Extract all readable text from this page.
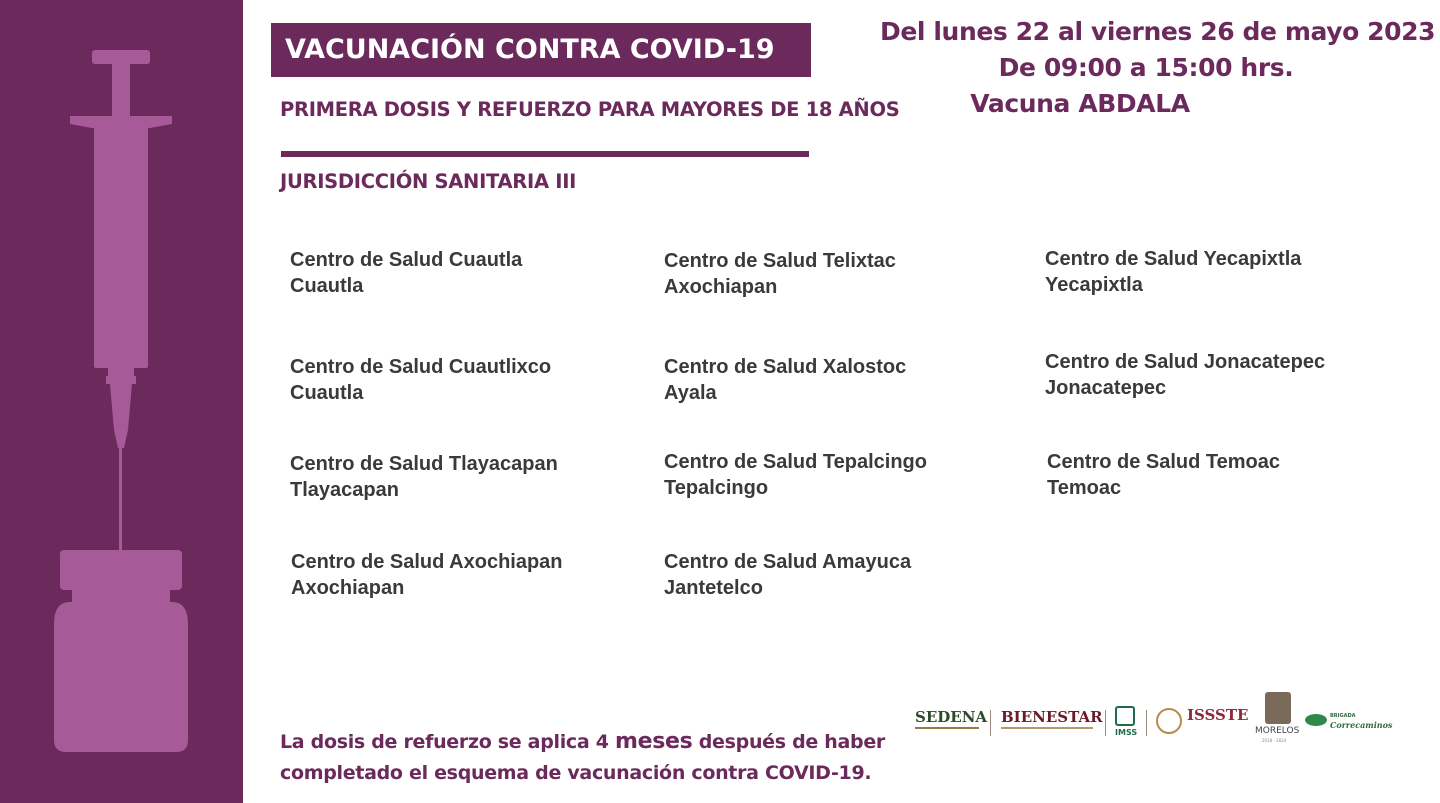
VACUNACIÓN CONTRA COVID-19
PRIMERA DOSIS Y REFUERZO PARA MAYORES DE 18 AÑOS
JURISDICCIÓN SANITARIA III
Del lunes 22 al viernes 26 de mayo 2023
De 09:00 a 15:00 hrs.
Vacuna ABDALA
Centro de Salud Cuautla
Cuautla
Centro de Salud Telixtac
Axochiapan
Centro de Salud Yecapixtla
Yecapixtla
Centro de Salud Cuautlixco
Cuautla
Centro de Salud Xalostoc
Ayala
Centro de Salud Jonacatepec
Jonacatepec
Centro de Salud Tlayacapan
Tlayacapan
Centro de Salud Tepalcingo
Tepalcingo
Centro de Salud Temoac
Temoac
Centro de Salud Axochiapan
Axochiapan
Centro de Salud Amayuca
Jantetelco
La dosis de refuerzo se aplica 4 meses después de haber
completado el esquema de vacunación contra COVID-19.
SEDENA BIENESTAR
IMSS
ISSSTE
MORELOS
2018 - 2024
BRIGADA
Correcaminos
